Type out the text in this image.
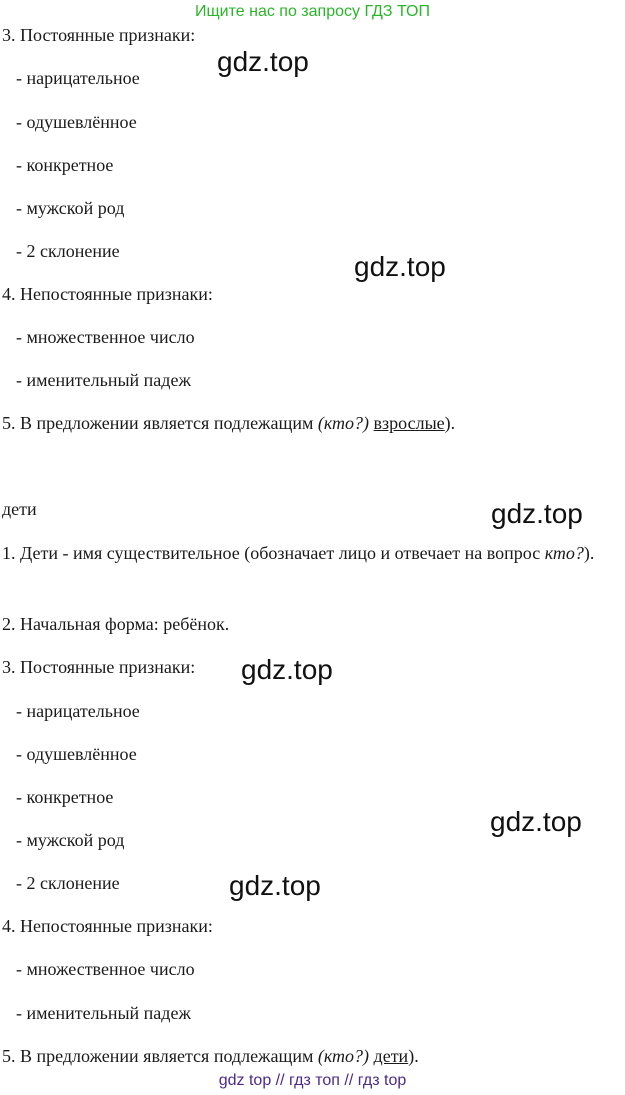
Ищите нас по запросу ГДЗ ТОП
3. Постоянные признаки:
- нарицательное
- одушевлённое
- конкретное
- мужской род
- 2 склонение
4. Непостоянные признаки:
- множественное число
- именительный падеж
5. В предложении является подлежащим (кто?) взрослые).
дети
1. Дети - имя существительное (обозначает лицо и отвечает на вопрос кто?).
2. Начальная форма: ребёнок.
3. Постоянные признаки:
- нарицательное
- одушевлённое
- конкретное
- мужской род
- 2 склонение
4. Непостоянные признаки:
- множественное число
- именительный падеж
5. В предложении является подлежащим (кто?) дети).
gdz.top
gdz.top
gdz.top
gdz.top
gdz.top
gdz.top
gdz top // гдз топ // гдз top
